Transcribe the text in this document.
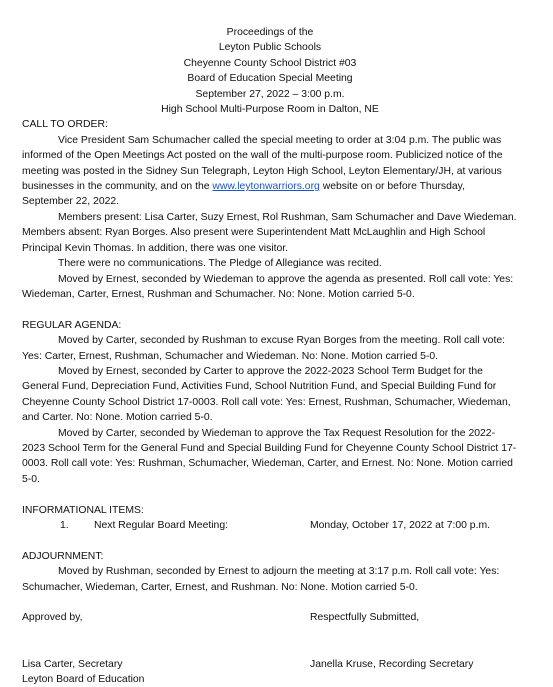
Proceedings of the
Leyton Public Schools
Cheyenne County School District #03
Board of Education Special Meeting
September 27, 2022 – 3:00 p.m.
High School Multi-Purpose Room in Dalton, NE
CALL TO ORDER:

Vice President Sam Schumacher called the special meeting to order at 3:04 p.m. The public was informed of the Open Meetings Act posted on the wall of the multi-purpose room. Publicized notice of the meeting was posted in the Sidney Sun Telegraph, Leyton High School, Leyton Elementary/JH, at various businesses in the community, and on the www.leytonwarriors.org website on or before Thursday, September 22, 2022.

Members present: Lisa Carter, Suzy Ernest, Rol Rushman, Sam Schumacher and Dave Wiedeman. Members absent: Ryan Borges. Also present were Superintendent Matt McLaughlin and High School Principal Kevin Thomas. In addition, there was one visitor.

There were no communications. The Pledge of Allegiance was recited.

Moved by Ernest, seconded by Wiedeman to approve the agenda as presented. Roll call vote: Yes: Wiedeman, Carter, Ernest, Rushman and Schumacher. No: None. Motion carried 5-0.

REGULAR AGENDA:

Moved by Carter, seconded by Rushman to excuse Ryan Borges from the meeting. Roll call vote: Yes: Carter, Ernest, Rushman, Schumacher and Wiedeman. No: None. Motion carried 5-0.

Moved by Ernest, seconded by Carter to approve the 2022-2023 School Term Budget for the General Fund, Depreciation Fund, Activities Fund, School Nutrition Fund, and Special Building Fund for Cheyenne County School District 17-0003. Roll call vote: Yes: Ernest, Rushman, Schumacher, Wiedeman, and Carter. No: None. Motion carried 5-0.

Moved by Carter, seconded by Wiedeman to approve the Tax Request Resolution for the 2022-2023 School Term for the General Fund and Special Building Fund for Cheyenne County School District 17-0003. Roll call vote: Yes: Rushman, Schumacher, Wiedeman, Carter, and Ernest. No: None. Motion carried 5-0.

INFORMATIONAL ITEMS:
1. Next Regular Board Meeting:	Monday, October 17, 2022 at 7:00 p.m.
ADJOURNMENT:

Moved by Rushman, seconded by Ernest to adjourn the meeting at 3:17 p.m. Roll call vote: Yes: Schumacher, Wiedeman, Carter, Ernest, and Rushman. No: None. Motion carried 5-0.

Approved by,	Respectfully Submitted,
Lisa Carter, Secretary	Janella Kruse, Recording Secretary
Leyton Board of Education
